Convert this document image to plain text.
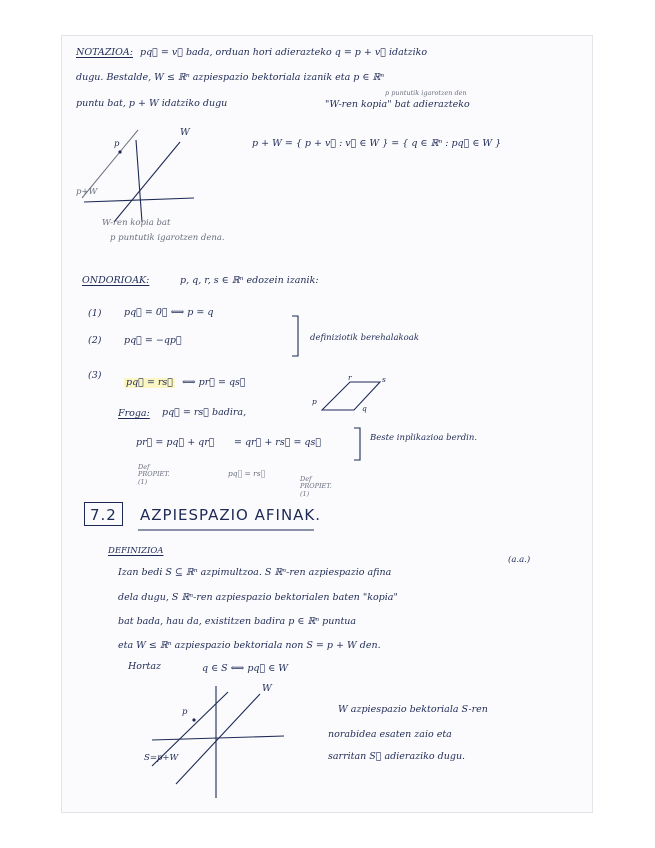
NOTAZIOA: pq⃗ = v⃗ bada, orduan hori adierazteko q = p + v⃗ idatziko
dugu. Bestalde, W ≤ ℝⁿ azpiespazio bektoriala izanik eta p ∈ ℝⁿ
p puntutik igarotzen den
puntu bat, p + W idatziko dugu	"W-ren kopia" bat adierazteko
W
p
p+W
p + W = { p + v⃗ : v⃗ ∈ W } = { q ∈ ℝⁿ : pq⃗ ∈ W }
W-ren kopia bat
p puntutik igarotzen dena.
ONDORIOAK:	p, q, r, s ∈ ℝⁿ edozein izanik:
(1) pq⃗ = 0⃗ ⟺ p = q
(2) pq⃗ = −qp⃗	definiziotik berehalakoak
(3)
pq⃗ = rs⃗ ⟺ pr⃗ = qs⃗	r	s
p
q
Froga: pq⃗ = rs⃗ badira,
pr⃗ = pq⃗ + qr⃗ = qr⃗ + rs⃗ = qs⃗	Beste inplikazioa berdin.
Def
PROPIET.
(1)
pq⃗ = rs⃗
Def
PROPIET.
(1)
7.2	AZPIESPAZIO AFINAK.
DEFINIZIOA
(a.a.)
Izan bedi S ⊆ ℝⁿ azpimultzoa. S ℝⁿ-ren azpiespazio afina
dela dugu, S ℝⁿ-ren azpiespazio bektorialen baten "kopia"
bat bada, hau da, existitzen badira p ∈ ℝⁿ puntua
eta W ≤ ℝⁿ azpiespazio bektoriala non S = p + W den.
Hortaz	q ∈ S ⟺ pq⃗ ∈ W
W
p
S=p+W
W azpiespazio bektoriala S-ren
norabidea esaten zaio eta
sarritan S⃗ adieraziko dugu.
